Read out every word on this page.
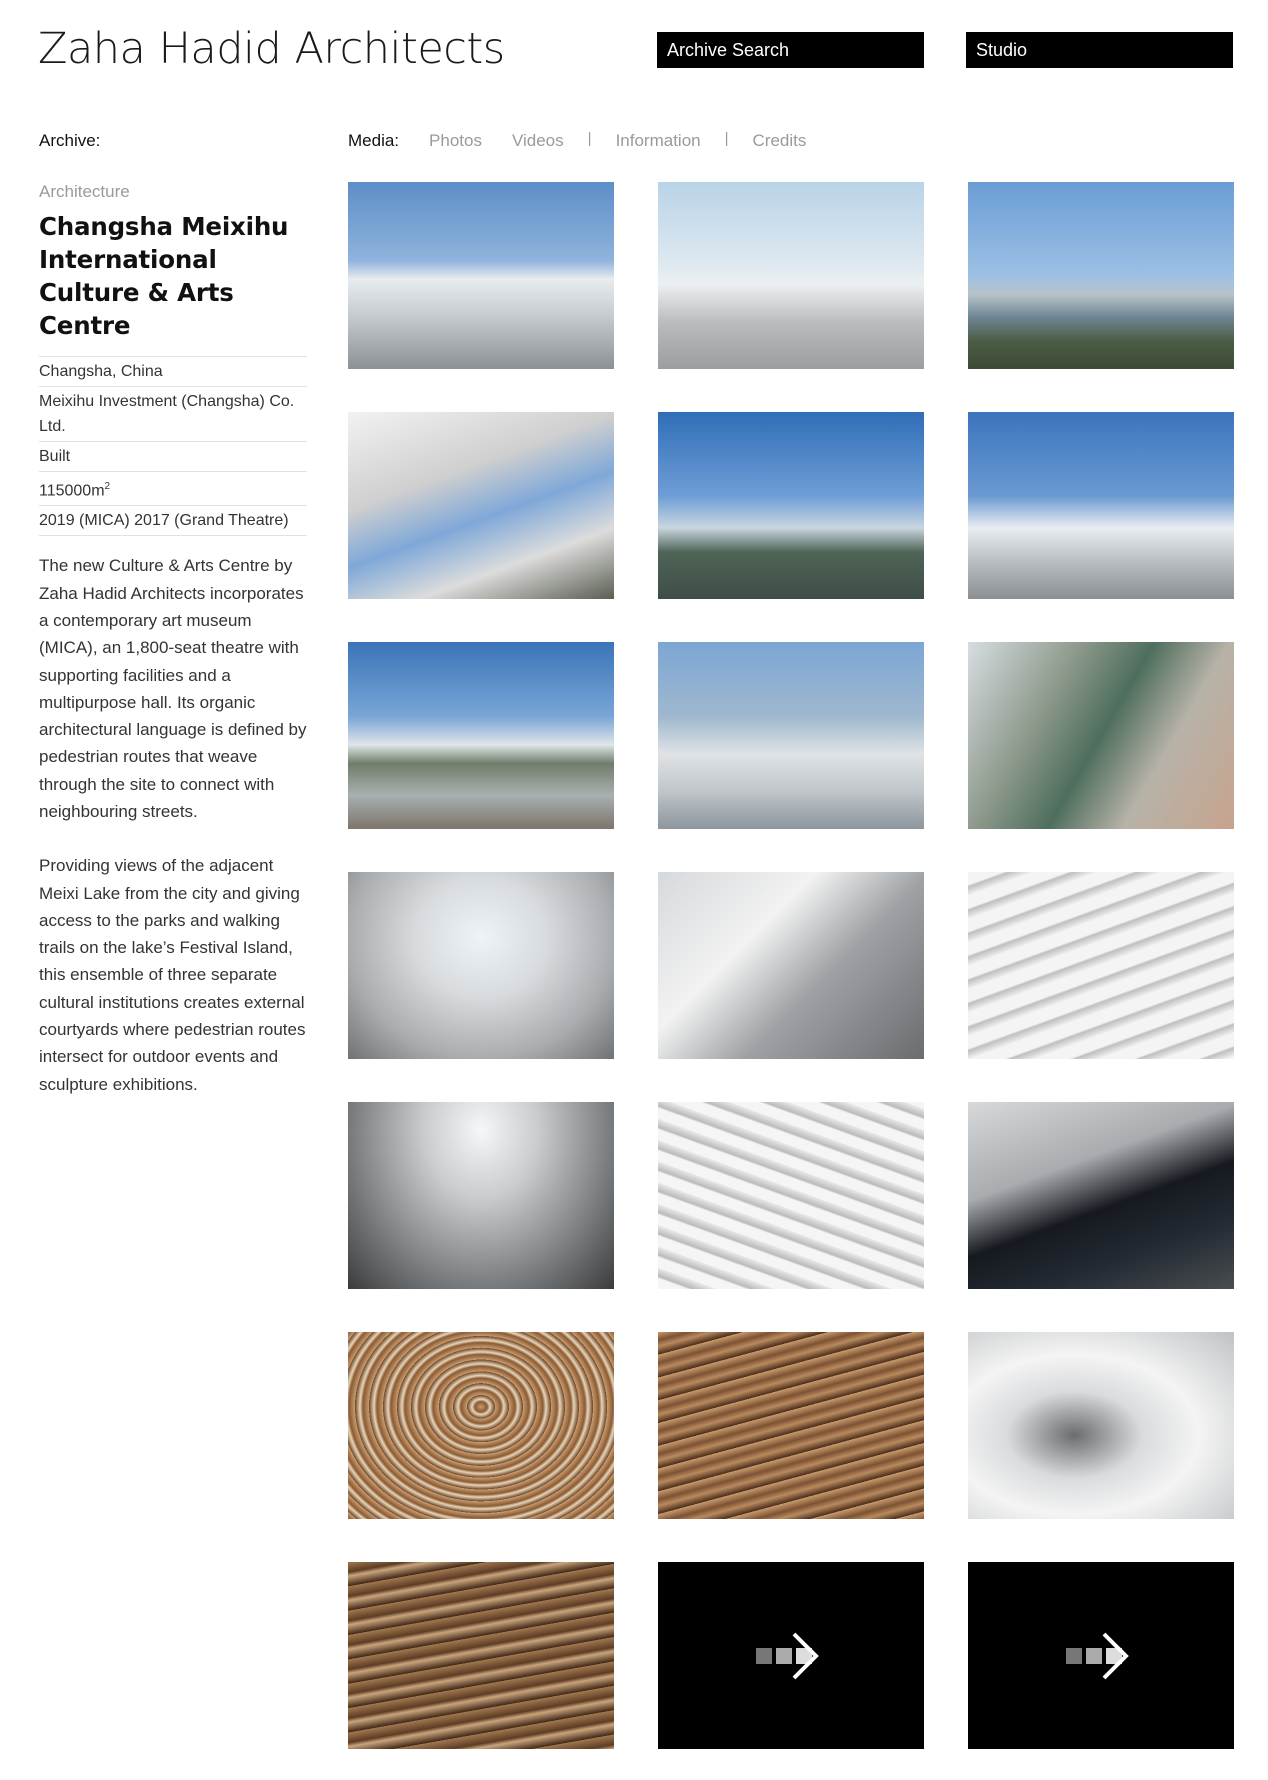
Zaha Hadid Architects	Archive Search	Studio
Archive:	Media: Photos Videos | Information | Credits
Architecture
Changsha Meixihu International Culture & Arts Centre
Changsha, China
Meixihu Investment (Changsha) Co. Ltd.
Built
$115000m^2$
2019 (MICA) 2017 (Grand Theatre)

The new Culture & Arts Centre by Zaha Hadid Architects incorporates a contemporary art museum (MICA), an 1,800-seat theatre with supporting facilities and a multipurpose hall. Its organic architectural language is defined by pedestrian routes that weave through the site to connect with neighbouring streets.

Providing views of the adjacent Meixi Lake from the city and giving access to the parks and walking trails on the lake’s Festival Island, this ensemble of three separate cultural institutions creates external courtyards where pedestrian routes intersect for outdoor events and sculpture exhibitions.
